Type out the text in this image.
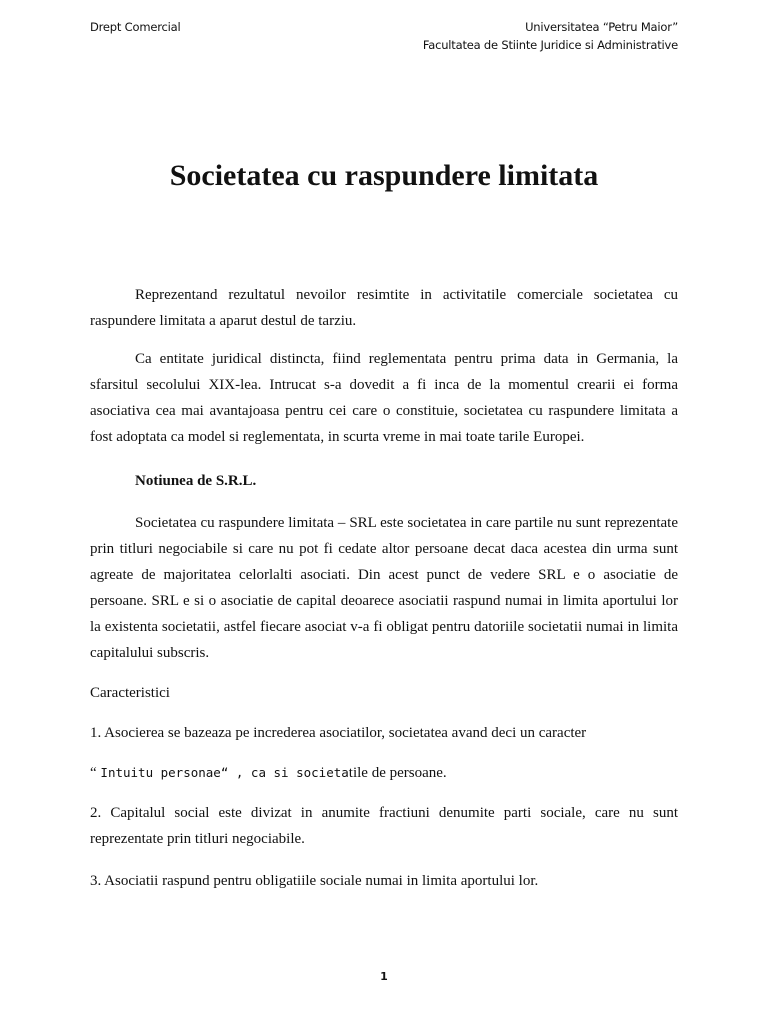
Drept Comercial	Universitatea “Petru Maior”
Facultatea de Stiinte Juridice si Administrative
Societatea cu raspundere limitata

Reprezentand rezultatul nevoilor resimtite in activitatile comerciale societatea cu raspundere limitata a aparut destul de tarziu.

Ca entitate juridical distincta, fiind reglementata pentru prima data in Germania, la sfarsitul secolului XIX-lea. Intrucat s-a dovedit a fi inca de la momentul crearii ei forma asociativa cea mai avantajoasa pentru cei care o constituie, societatea cu raspundere limitata a fost adoptata ca model si reglementata, in scurta vreme in mai toate tarile Europei.

Notiunea de S.R.L.

Societatea cu raspundere limitata – SRL este societatea in care partile nu sunt reprezentate prin titluri negociabile si care nu pot fi cedate altor persoane decat daca acestea din urma sunt agreate de majoritatea celorlalti asociati. Din acest punct de vedere SRL e o asociatie de persoane. SRL e si o asociatie de capital deoarece asociatii raspund numai in limita aportului lor la existenta societatii, astfel fiecare asociat v-a fi obligat pentru datoriile societatii numai in limita capitalului subscris.

Caracteristici

1. Asocierea se bazeaza pe increderea asociatilor, societatea avand deci un caracter

“ Intuitu personae“ , ca si societatile de persoane.

2. Capitalul social este divizat in anumite fractiuni denumite parti sociale, care nu sunt reprezentate prin titluri negociabile.

3. Asociatii raspund pentru obligatiile sociale numai in limita aportului lor.

1
